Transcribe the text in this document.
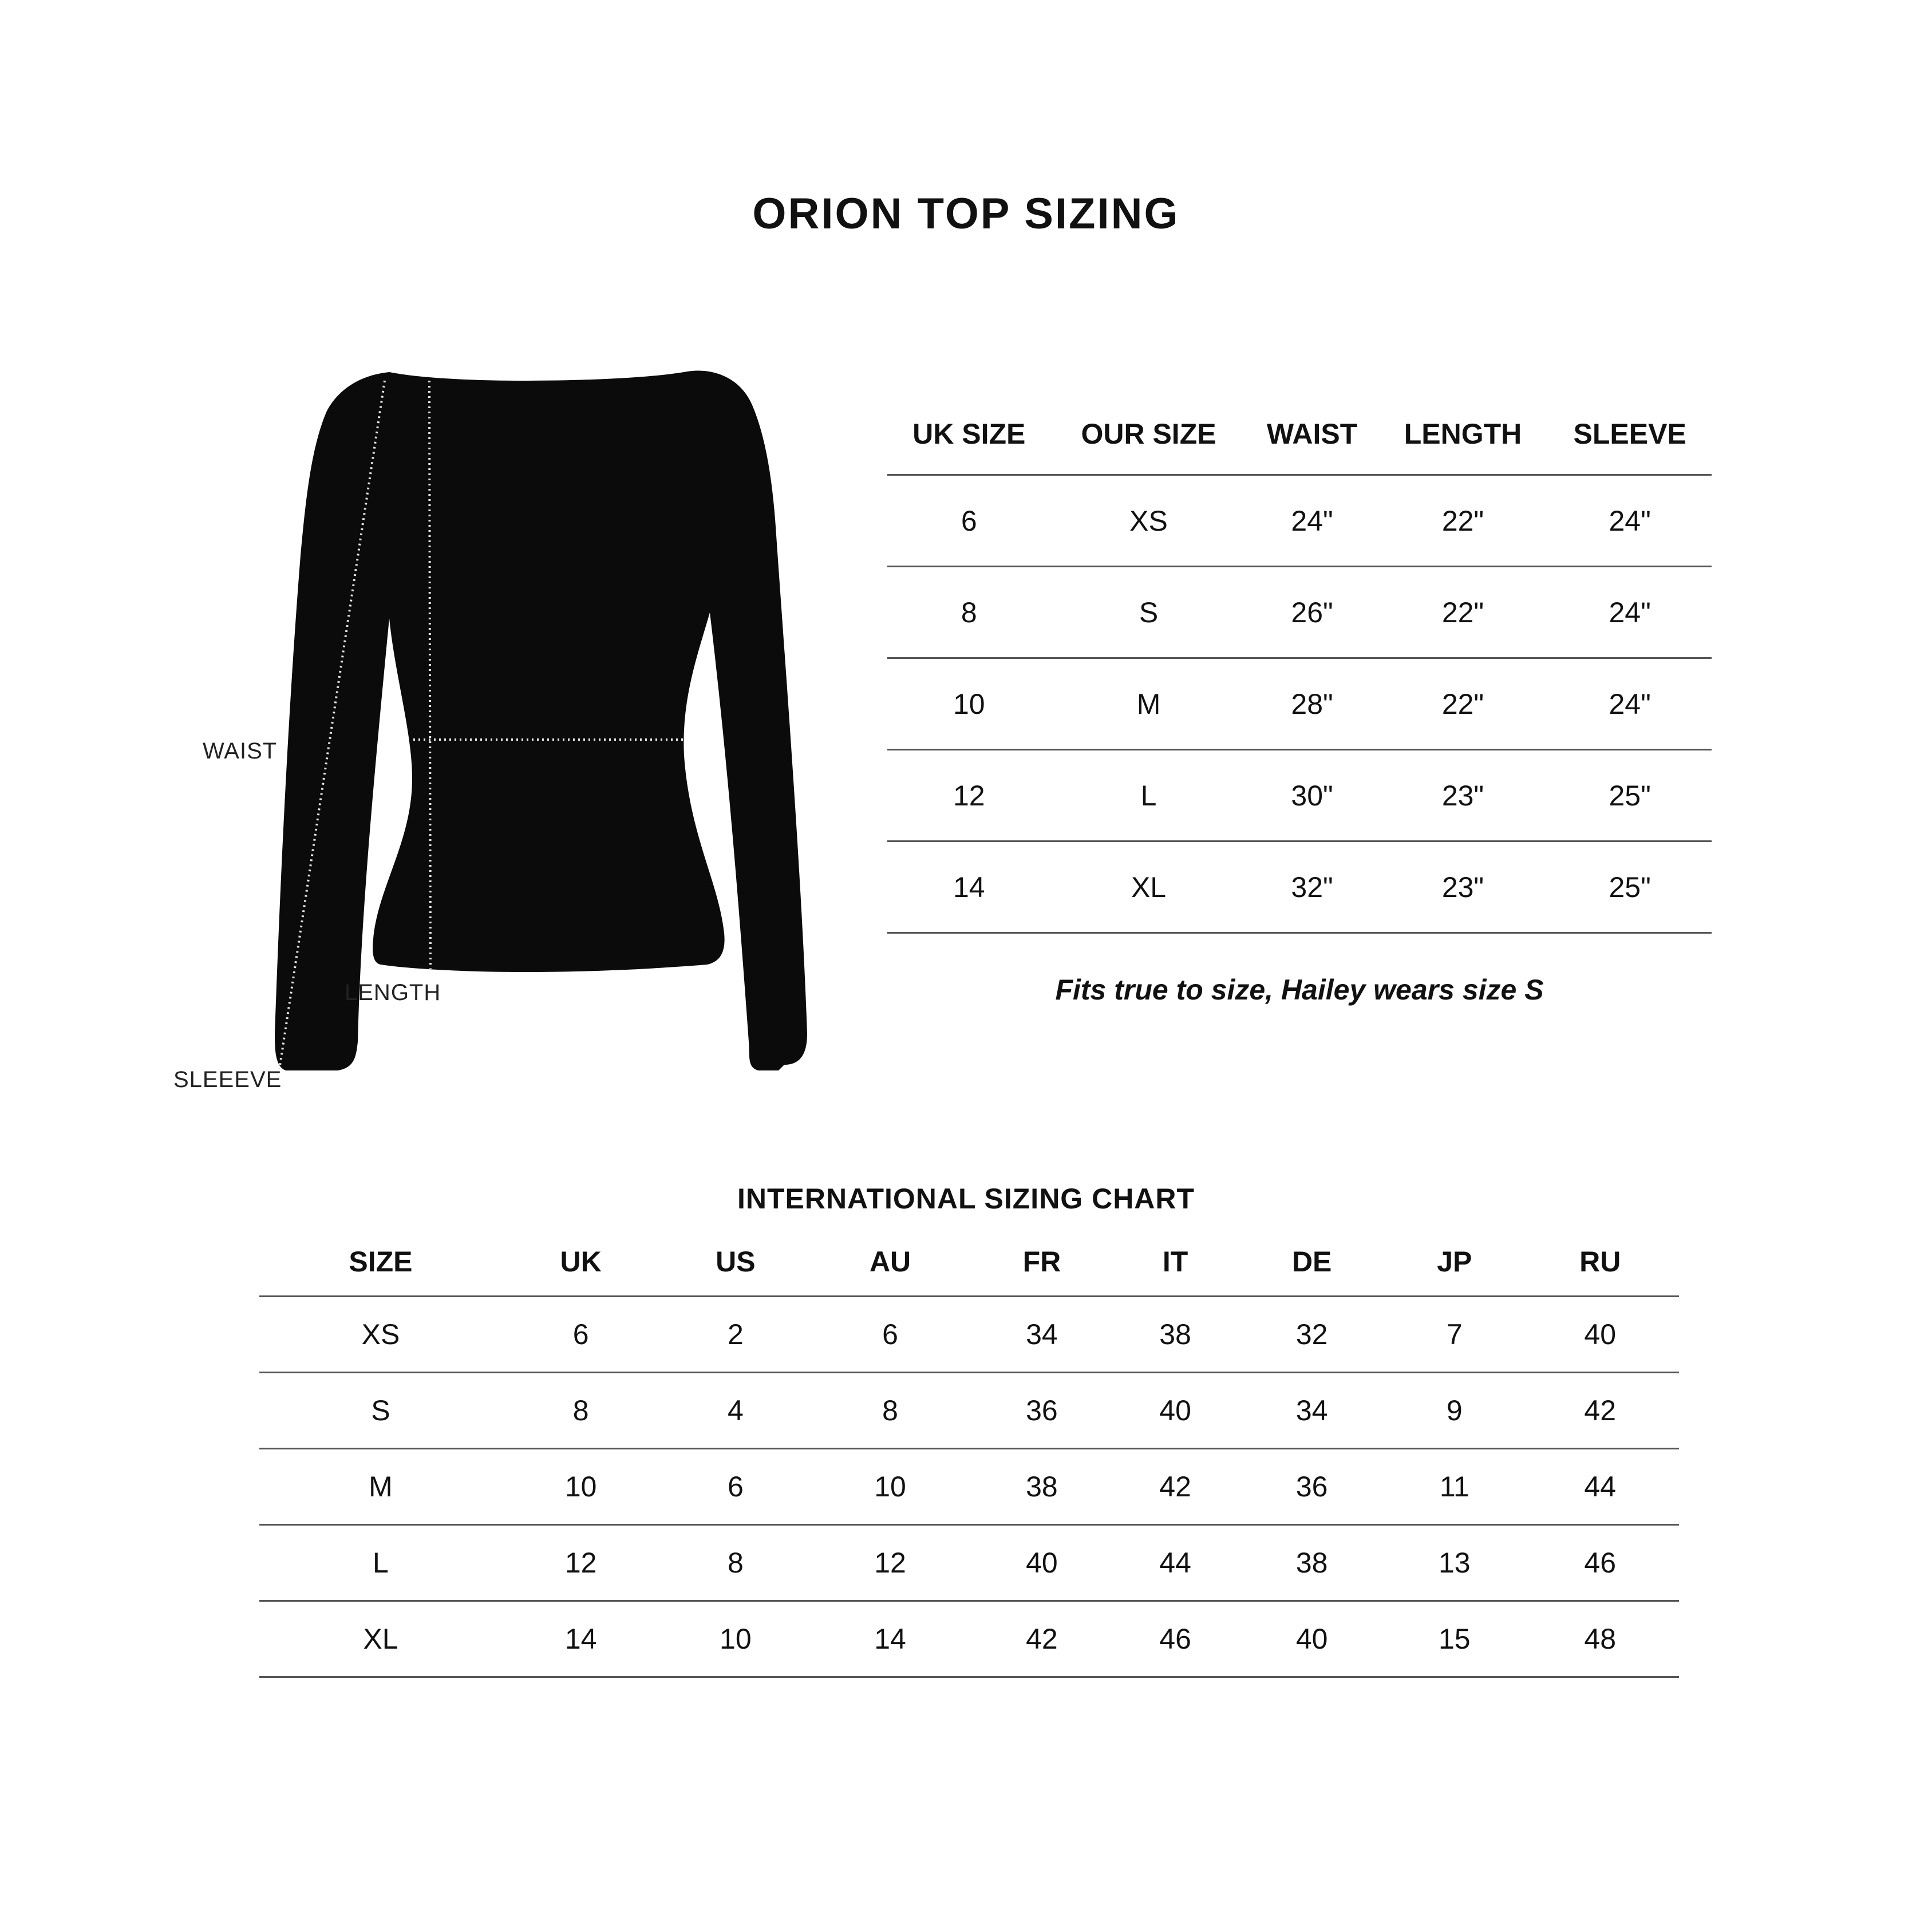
ORION TOP SIZING
WAIST
LENGTH
SLEEEVE
UK SIZE	OUR SIZE	WAIST	LENGTH	SLEEVE
6	XS	24"	22"	24"
8	S	26"	22"	24"
10	M	28"	22"	24"
12	L	30"	23"	25"
14	XL	32"	23"	25"
Fits true to size, Hailey wears size S
INTERNATIONAL SIZING CHART
SIZE	UK	US	AU	FR	IT	DE	JP	RU
XS	6	2	6	34	38	32	7	40
S	8	4	8	36	40	34	9	42
M	10	6	10	38	42	36	11	44
L	12	8	12	40	44	38	13	46
XL	14	10	14	42	46	40	15	48
